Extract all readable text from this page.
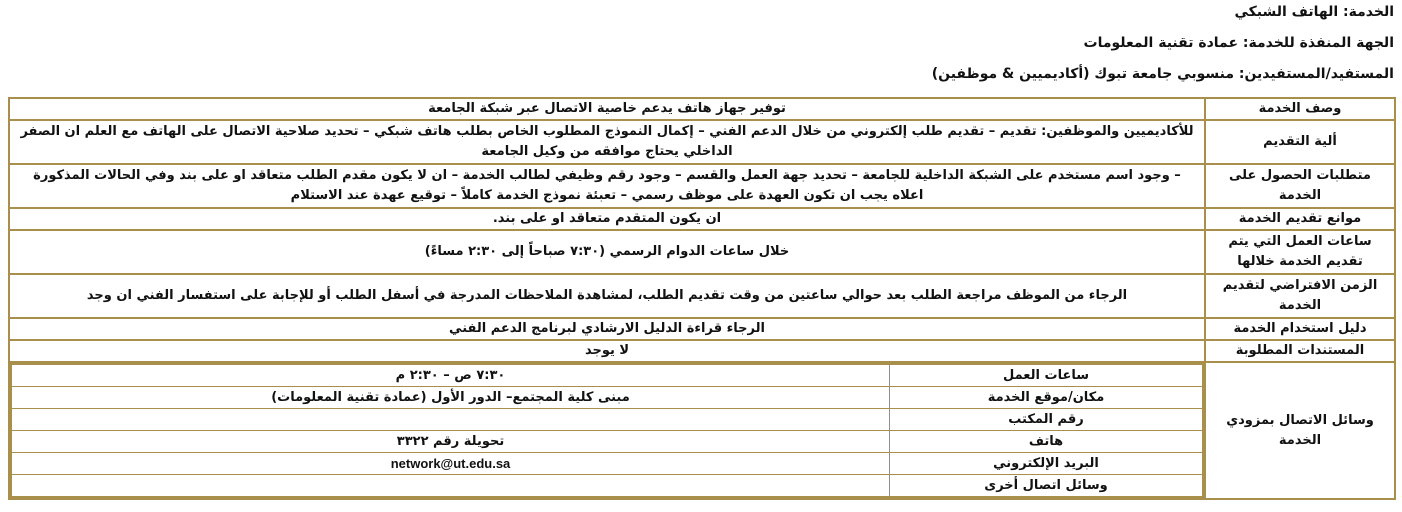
الخدمة: الهاتف الشبكي
الجهة المنفذة للخدمة: عمادة تقنية المعلومات
المستفيد/المستفيدين: منسوبي جامعة تبوك (أكاديميين & موظفين)
وصف الخدمة	توفير جهاز هاتف يدعم خاصية الاتصال عبر شبكة الجامعة
ألية التقديم	للأكاديميين والموظفين: تقديم – تقديم طلب إلكتروني من خلال الدعم الفني – إكمال النموذج المطلوب الخاص بطلب هاتف شبكي – تحديد صلاحية الاتصال على الهاتف مع العلم ان الصفر الداخلي يحتاج موافقه من وكيل الجامعة
متطلبات الحصول على الخدمة	– وجود اسم مستخدم على الشبكة الداخلية للجامعة – تحديد جهة العمل والقسم – وجود رقم وظيفي لطالب الخدمة – ان لا يكون مقدم الطلب متعاقد او على بند وفي الحالات المذكورة اعلاه يجب ان تكون العهدة على موظف رسمي – تعبئة نموذج الخدمة كاملاً – توقيع عهدة عند الاستلام
موانع تقديم الخدمة	ان يكون المتقدم متعاقد او على بند.
ساعات العمل التي يتم تقديم الخدمة خلالها	خلال ساعات الدوام الرسمي (٧:٣٠ صباحاً إلى ٢:٣٠ مساءً)
الزمن الافتراضي لتقديم الخدمة	الرجاء من الموظف مراجعة الطلب بعد حوالي ساعتين من وقت تقديم الطلب، لمشاهدة الملاحظات المدرجة في أسفل الطلب أو للإجابة على استفسار الفني ان وجد
دليل استخدام الخدمة	الرجاء قراءة الدليل الارشادي لبرنامج الدعم الفني
المستندات المطلوبة	لا يوجد
وسائل الاتصال بمزودي الخدمة	
ساعات العمل	٧:٣٠ ص – ٢:٣٠ م
مكان/موقع الخدمة	مبنى كلية المجتمع– الدور الأول (عمادة تقنية المعلومات)
رقم المكتب	
هاتف	تحويلة رقم ٣٣٢٢
البريد الإلكتروني	network@ut.edu.sa
وسائل اتصال أخرى	
